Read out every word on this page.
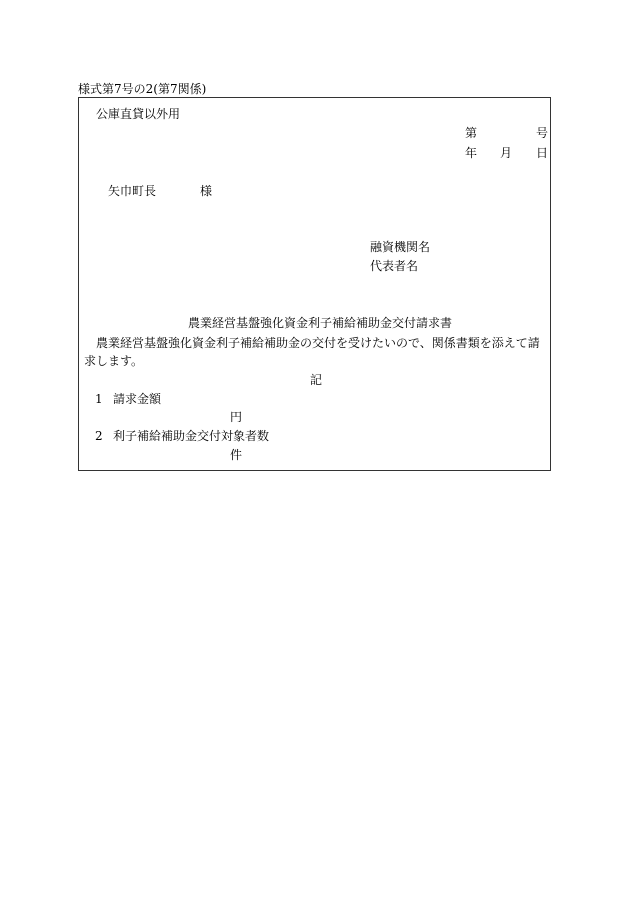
様式第7号の2(第7関係)
公庫直貸以外用
第	号
年 月 日
矢巾町長	様
融資機関名
代表者名
農業経営基盤強化資金利子補給補助金交付請求書
農業経営基盤強化資金利子補給補助金の交付を受けたいので、関係書類を添えて請求します。
記
1 請求金額
円
2 利子補給補助金交付対象者数
件
